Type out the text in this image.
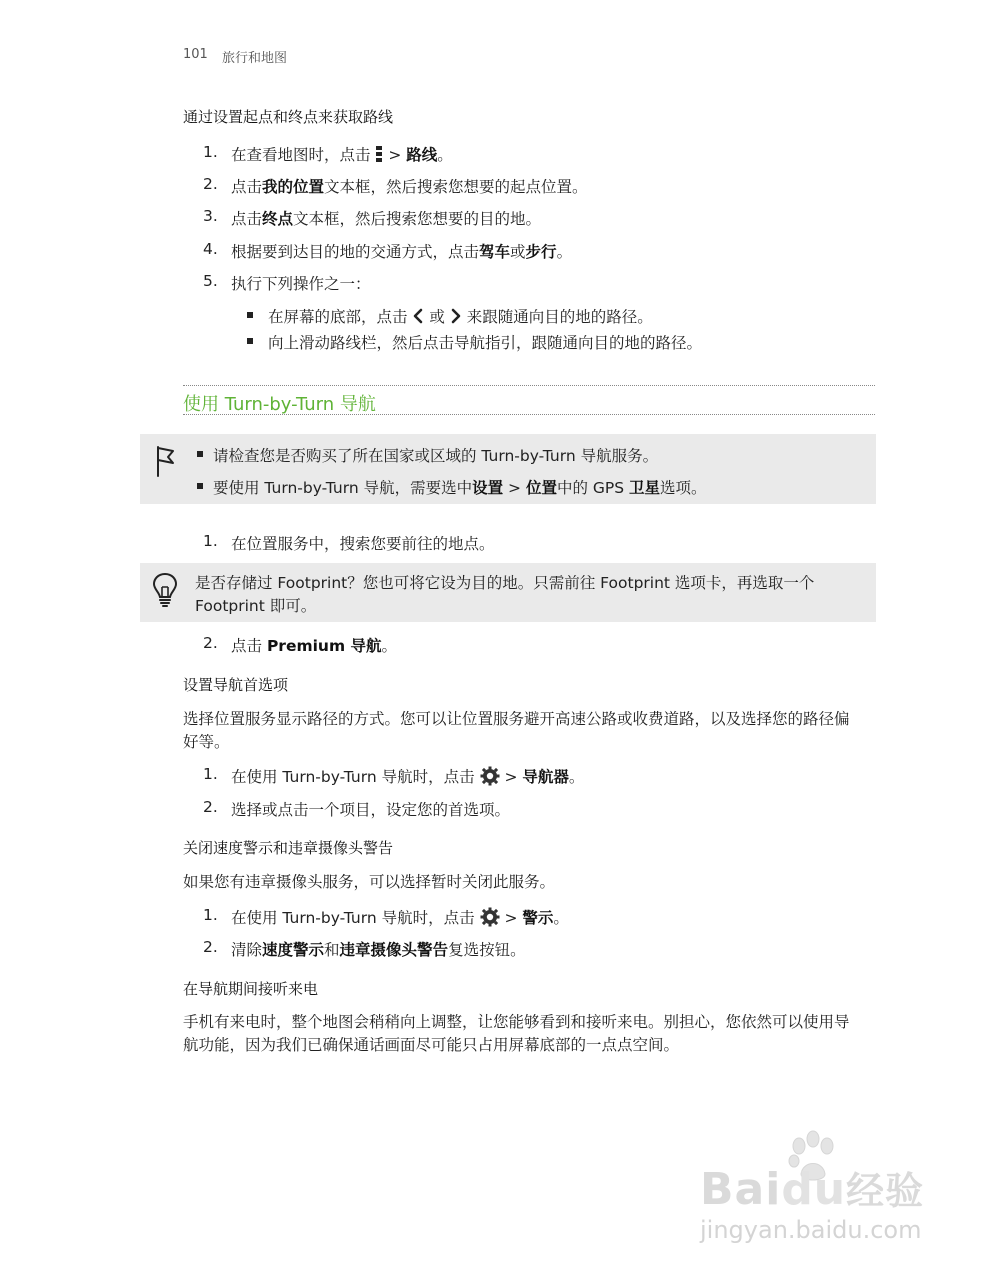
101 旅行和地图
通过设置起点和终点来获取路线
1. 在查看地图时，点击
> 路线。
2. 点击我的位置文本框，然后搜索您想要的起点位置。
3. 点击终点文本框，然后搜索您想要的目的地。
4. 根据要到达目的地的交通方式，点击驾车或步行。
5. 执行下列操作之一：
在屏幕的底部，点击  或  来跟随通向目的地的路径。
向上滑动路线栏，然后点击导航指引，跟随通向目的地的路径。
使用 Turn-by-Turn 导航
请检查您是否购买了所在国家或区域的 Turn-by-Turn 导航服务。
要使用 Turn-by-Turn 导航，需要选中设置 > 位置中的 GPS 卫星选项。
1. 在位置服务中，搜索您要前往的地点。
是否存储过 Footprint？您也可将它设为目的地。只需前往 Footprint 选项卡，再选取一个
Footprint 即可。
2. 点击 Premium 导航。
设置导航首选项
选择位置服务显示路径的方式。您可以让位置服务避开高速公路或收费道路，以及选择您的路径偏
好等。
1. 在使用 Turn-by-Turn 导航时，点击  > 导航器。
2. 选择或点击一个项目，设定您的首选项。
关闭速度警示和违章摄像头警告
如果您有违章摄像头服务，可以选择暂时关闭此服务。
1. 在使用 Turn-by-Turn 导航时，点击  > 警示。
2. 清除速度警示和违章摄像头警告复选按钮。
在导航期间接听来电
手机有来电时，整个地图会稍稍向上调整，让您能够看到和接听来电。别担心，您依然可以使用导
航功能，因为我们已确保通话画面尽可能只占用屏幕底部的一点点空间。
Baidu经验
jingyan.baidu.com
